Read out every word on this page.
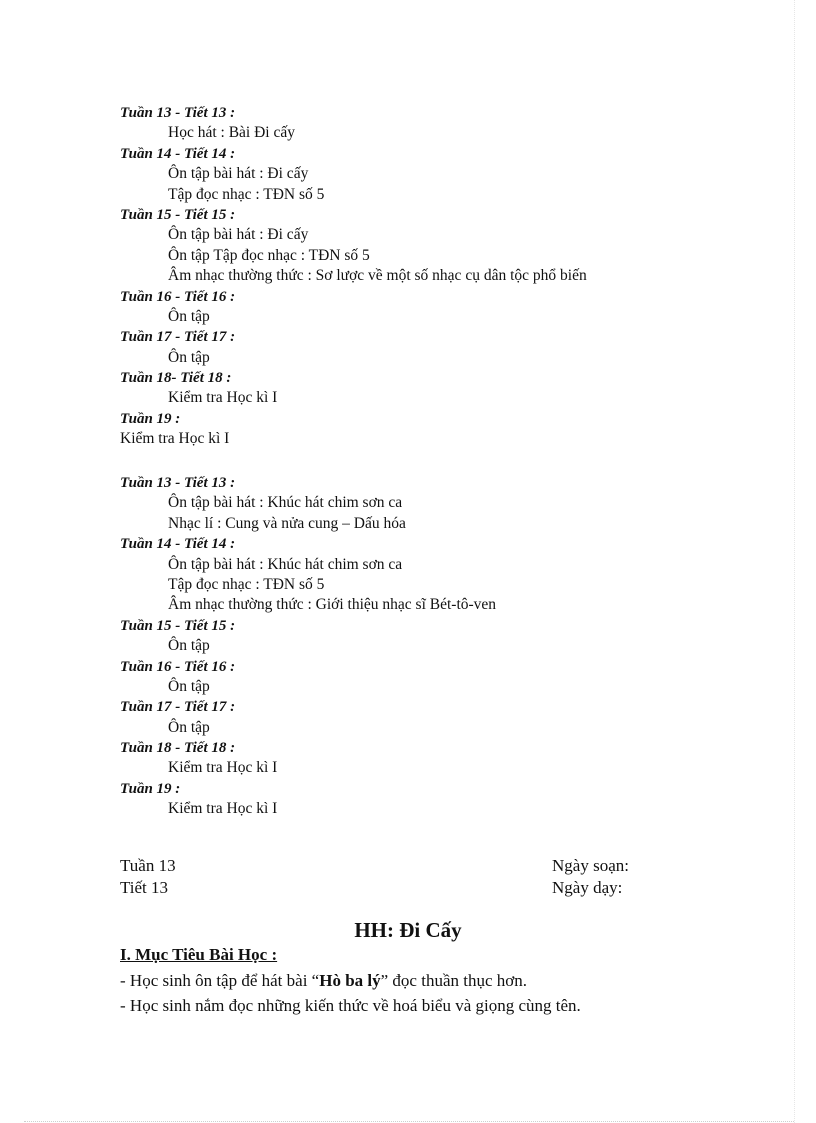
Tuần 13 - Tiết 13 :
Học hát : Bài Đi cấy
Tuần 14 - Tiết 14 :
Ôn tập bài hát : Đi cấy
Tập đọc nhạc : TĐN số 5
Tuần 15 - Tiết 15 :
Ôn tập bài hát : Đi cấy
Ôn tập Tập đọc nhạc : TĐN số 5
Âm nhạc thường thức : Sơ lược về một số nhạc cụ dân tộc phổ biến
Tuần 16 - Tiết 16 :
Ôn tập
Tuần 17 - Tiết 17 :
Ôn tập
Tuần 18- Tiết 18 :
Kiểm tra Học kì I
Tuần 19 :
Kiểm tra Học kì I
Tuần 13 - Tiết 13 :
Ôn tập bài hát : Khúc hát chim sơn ca
Nhạc lí : Cung và nửa cung – Dấu hóa
Tuần 14 - Tiết 14 :
Ôn tập bài hát : Khúc hát chim sơn ca
Tập đọc nhạc : TĐN số 5
Âm nhạc thường thức : Giới thiệu nhạc sĩ Bét-tô-ven
Tuần 15 - Tiết 15 :
Ôn tập
Tuần 16 - Tiết 16 :
Ôn tập
Tuần 17 - Tiết 17 :
Ôn tập
Tuần 18 - Tiết 18 :
Kiểm tra Học kì I
Tuần 19 :
Kiểm tra Học kì I
Tuần 13	Ngày soạn:
Tiết 13	Ngày dạy:
HH: Đi Cấy
I. Mục Tiêu Bài Học :
- Học sinh ôn tập để hát bài “Hò ba lý” đọc thuần thục hơn.
- Học sinh nắm đọc những kiến thức về hoá biểu và giọng cùng tên.
